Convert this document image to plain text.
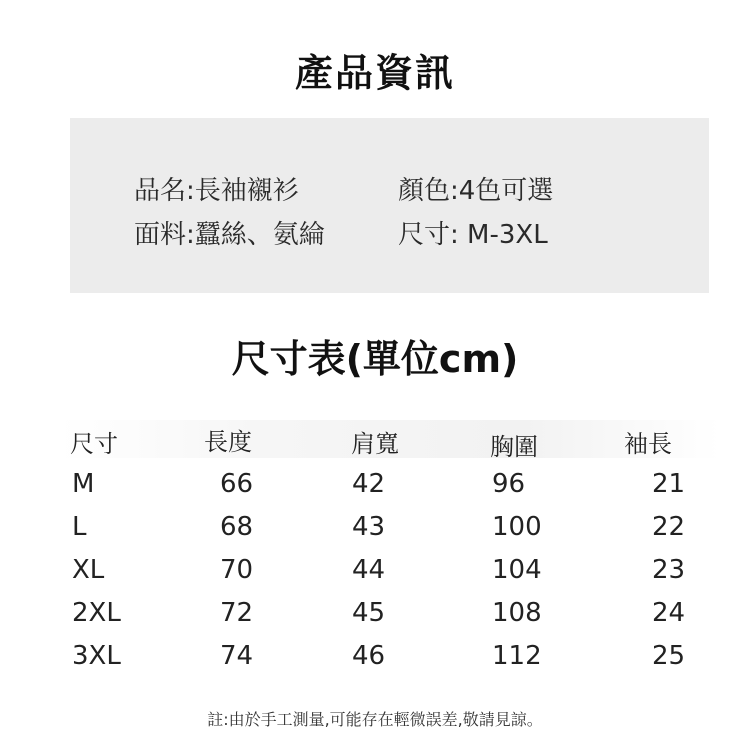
產品資訊
品名:長袖襯衫
面料:蠶絲、氨綸
顏色:4色可選
尺寸: M-3XL
尺寸表(單位cm)
尺寸	長度	肩寬	胸圍	袖長
M	66	42	96	21
L	68	43	100	22
XL	70	44	104	23
2XL	72	45	108	24
3XL	74	46	112	25
註:由於手工測量,可能存在輕微誤差,敬請見諒。
